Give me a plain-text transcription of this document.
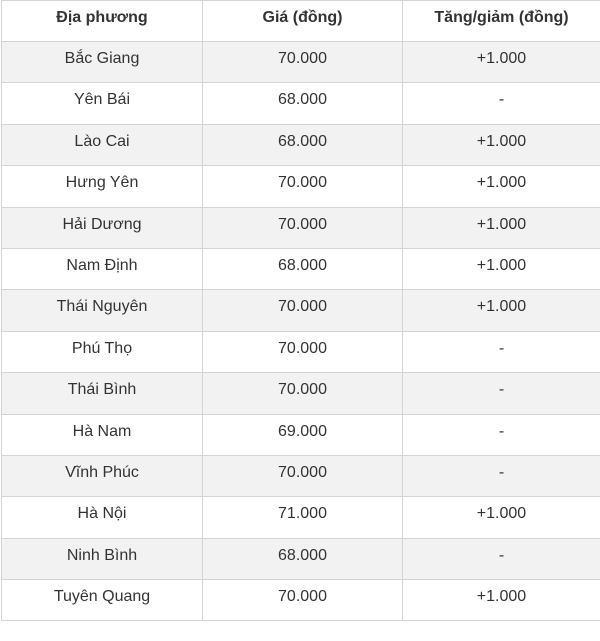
Địa phương	Giá (đồng)	Tăng/giảm (đồng)
Bắc Giang	70.000	+1.000
Yên Bái	68.000	-
Lào Cai	68.000	+1.000
Hưng Yên	70.000	+1.000
Hải Dương	70.000	+1.000
Nam Định	68.000	+1.000
Thái Nguyên	70.000	+1.000
Phú Thọ	70.000	-
Thái Bình	70.000	-
Hà Nam	69.000	-
Vĩnh Phúc	70.000	-
Hà Nội	71.000	+1.000
Ninh Bình	68.000	-
Tuyên Quang	70.000	+1.000
